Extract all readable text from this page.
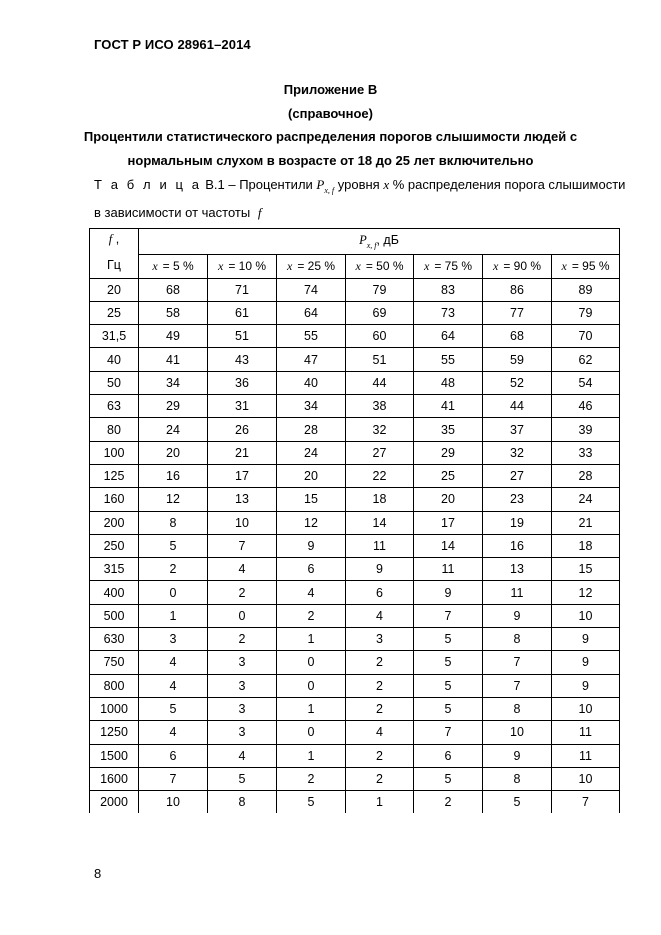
ГОСТ Р ИСО 28961–2014
Приложение В
(справочное)
Процентили статистического распределения порогов слышимости людей с
нормальным слухом в возрасте от 18 до 25 лет включительно
Т а б л и ц а В.1 – Процентили $P_{x, f}$ уровня x % распределения порога слышимости
в зависимости от частоты f
f ,
Гц	$P_{x, f}$, дБ						
	x = 5 %	x = 10 %	x = 25 %	x = 50 %	x = 75 %	x = 90 %	x = 95 %
20	68	71	74	79	83	86	89
25	58	61	64	69	73	77	79
31,5	49	51	55	60	64	68	70
40	41	43	47	51	55	59	62
50	34	36	40	44	48	52	54
63	29	31	34	38	41	44	46
80	24	26	28	32	35	37	39
100	20	21	24	27	29	32	33
125	16	17	20	22	25	27	28
160	12	13	15	18	20	23	24
200	8	10	12	14	17	19	21
250	5	7	9	11	14	16	18
315	2	4	6	9	11	13	15
400	0	2	4	6	9	11	12
500	1	0	2	4	7	9	10
630	3	2	1	3	5	8	9
750	4	3	0	2	5	7	9
800	4	3	0	2	5	7	9
1000	5	3	1	2	5	8	10
1250	4	3	0	4	7	10	11
1500	6	4	1	2	6	9	11
1600	7	5	2	2	5	8	10
2000	10	8	5	1	2	5	7
8
